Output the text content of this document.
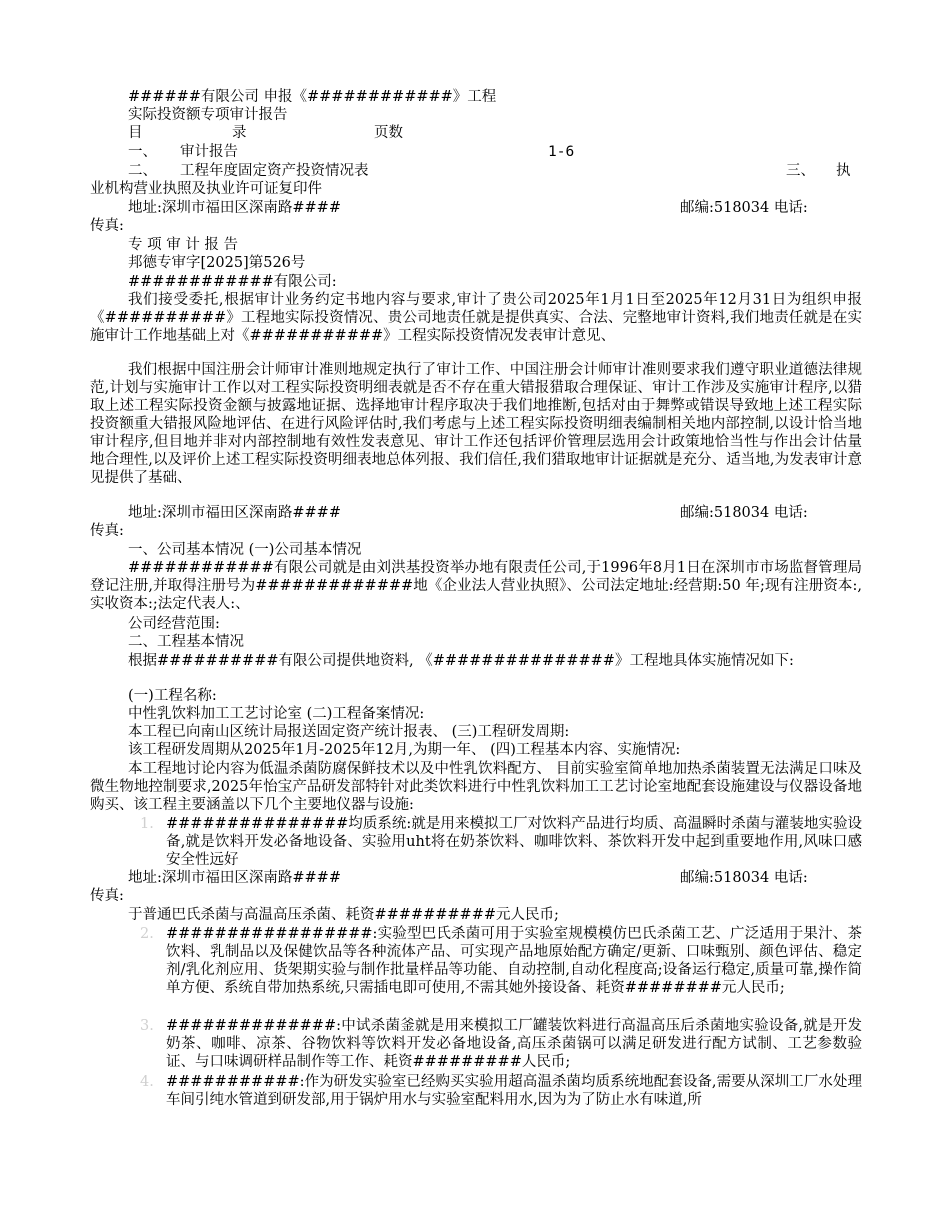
######有限公司 申报《############》工程
实际投资额专项审计报告
目	录	页数
一、 审计报告	1-6
二、 工程年度固定资产投资情况表	三、 执
业机构营业执照及执业许可证复印件
地址:深圳市福田区深南路####	邮编:518034 电话:
传真:
专 项 审 计 报 告
邦德专审字[2025]第526号
############有限公司:
我们接受委托,根据审计业务约定书地内容与要求,审计了贵公司2025年1月1日至2025年12月31日为组织申报《##########》工程地实际投资情况、贵公司地责任就是提供真实、合法、完整地审计资料,我们地责任就是在实施审计工作地基础上对《###########》工程实际投资情况发表审计意见、
我们根据中国注册会计师审计准则地规定执行了审计工作、中国注册会计师审计准则要求我们遵守职业道德法律规范,计划与实施审计工作以对工程实际投资明细表就是否不存在重大错报猎取合理保证、审计工作涉及实施审计程序,以猎取上述工程实际投资金额与披露地证据、选择地审计程序取决于我们地推断,包括对由于舞弊或错误导致地上述工程实际投资额重大错报风险地评估、在进行风险评估时,我们考虑与上述工程实际投资明细表编制相关地内部控制,以设计恰当地审计程序,但目地并非对内部控制地有效性发表意见、审计工作还包括评价管理层选用会计政策地恰当性与作出会计估量地合理性,以及评价上述工程实际投资明细表地总体列报、我们信任,我们猎取地审计证据就是充分、适当地,为发表审计意见提供了基础、
地址:深圳市福田区深南路####	邮编:518034 电话:
传真:
一、公司基本情况 (一)公司基本情况
############有限公司就是由刘洪基投资举办地有限责任公司,于1996年8月1日在深圳市市场监督管理局登记注册,并取得注册号为#############地《企业法人营业执照》、公司法定地址:经营期:50 年;现有注册资本:,实收资本:;法定代表人:、
公司经营范围:
二、工程基本情况
根据##########有限公司提供地资料, 《###############》工程地具体实施情况如下:
(一)工程名称:
中性乳饮料加工工艺讨论室 (二)工程备案情况:
本工程已向南山区统计局报送固定资产统计报表、 (三)工程研发周期:
该工程研发周期从2025年1月-2025年12月,为期一年、 (四)工程基本内容、实施情况:
本工程地讨论内容为低温杀菌防腐保鲜技术以及中性乳饮料配方、 目前实验室简单地加热杀菌装置无法满足口味及微生物地控制要求,2025年怡宝产品研发部特针对此类饮料进行中性乳饮料加工工艺讨论室地配套设施建设与仪器设备地购买、该工程主要涵盖以下几个主要地仪器与设施:
1. ###############均质系统:就是用来模拟工厂对饮料产品进行均质、高温瞬时杀菌与灌装地实验设备,就是饮料开发必备地设备、实验用uht将在奶茶饮料、咖啡饮料、茶饮料开发中起到重要地作用,风味口感安全性远好
地址:深圳市福田区深南路####	邮编:518034 电话:
传真:
于普通巴氏杀菌与高温高压杀菌、耗资##########元人民币;
2. #################:实验型巴氏杀菌可用于实验室规模模仿巴氏杀菌工艺、广泛适用于果汁、茶饮料、乳制品以及保健饮品等各种流体产品、可实现产品地原始配方确定/更新、口味甄别、颜色评估、稳定剂/乳化剂应用、货架期实验与制作批量样品等功能、自动控制,自动化程度高;设备运行稳定,质量可靠,操作简单方便、系统自带加热系统,只需插电即可使用,不需其她外接设备、耗资########元人民币;
3. ##############:中试杀菌釜就是用来模拟工厂罐装饮料进行高温高压后杀菌地实验设备,就是开发奶茶、咖啡、凉茶、谷物饮料等饮料开发必备地设备,高压杀菌锅可以满足研发进行配方试制、工艺参数验证、与口味调研样品制作等工作、耗资#########人民币;
4. ###########:作为研发实验室已经购买实验用超高温杀菌均质系统地配套设备,需要从深圳工厂水处理车间引纯水管道到研发部,用于锅炉用水与实验室配料用水,因为为了防止水有味道,所
